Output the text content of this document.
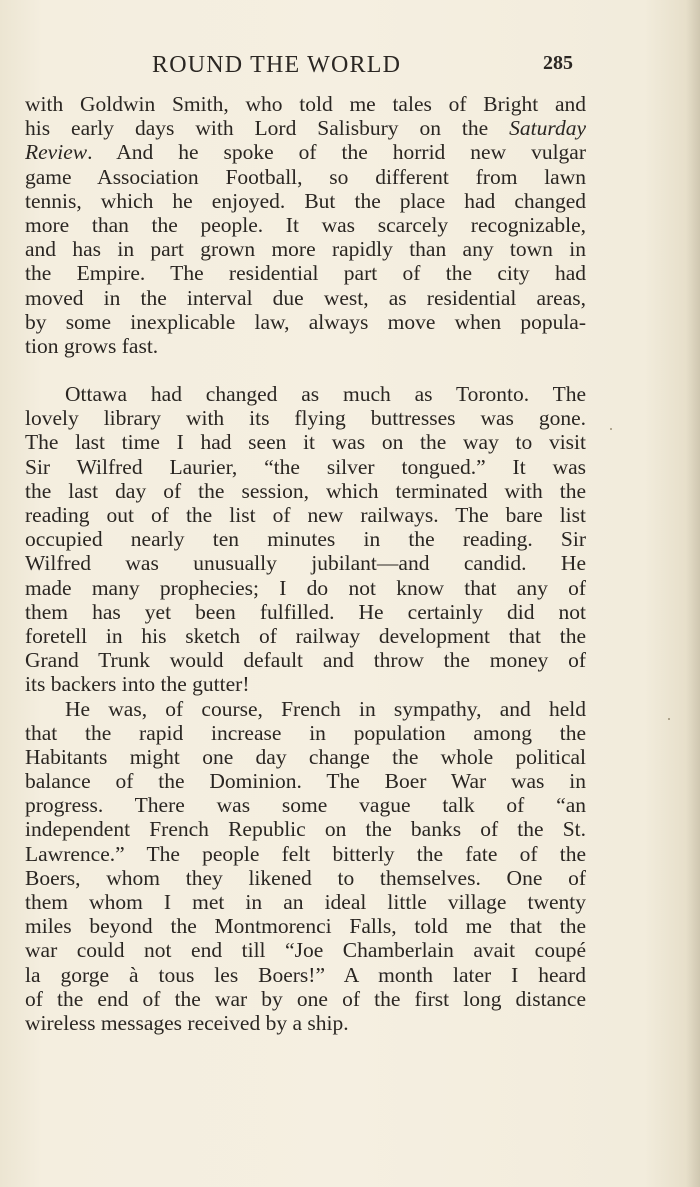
ROUND THE WORLD	285
with Goldwin Smith, who told me tales of Bright and
his early days with Lord Salisbury on the Saturday
Review. And he spoke of the horrid new vulgar
game Association Football, so different from lawn
tennis, which he enjoyed. But the place had changed
more than the people. It was scarcely recognizable,
and has in part grown more rapidly than any town in
the Empire. The residential part of the city had
moved in the interval due west, as residential areas,
by some inexplicable law, always move when popula-
tion grows fast.
Ottawa had changed as much as Toronto. The
lovely library with its flying buttresses was gone.
The last time I had seen it was on the way to visit
Sir Wilfred Laurier, “the silver tongued.” It was
the last day of the session, which terminated with the
reading out of the list of new railways. The bare list
occupied nearly ten minutes in the reading. Sir
Wilfred was unusually jubilant—and candid. He
made many prophecies; I do not know that any of
them has yet been fulfilled. He certainly did not
foretell in his sketch of railway development that the
Grand Trunk would default and throw the money of
its backers into the gutter!
He was, of course, French in sympathy, and held
that the rapid increase in population among the
Habitants might one day change the whole political
balance of the Dominion. The Boer War was in
progress. There was some vague talk of “an
independent French Republic on the banks of the St.
Lawrence.” The people felt bitterly the fate of the
Boers, whom they likened to themselves. One of
them whom I met in an ideal little village twenty
miles beyond the Montmorenci Falls, told me that the
war could not end till “Joe Chamberlain avait coupé
la gorge à tous les Boers!” A month later I heard
of the end of the war by one of the first long distance
wireless messages received by a ship.
